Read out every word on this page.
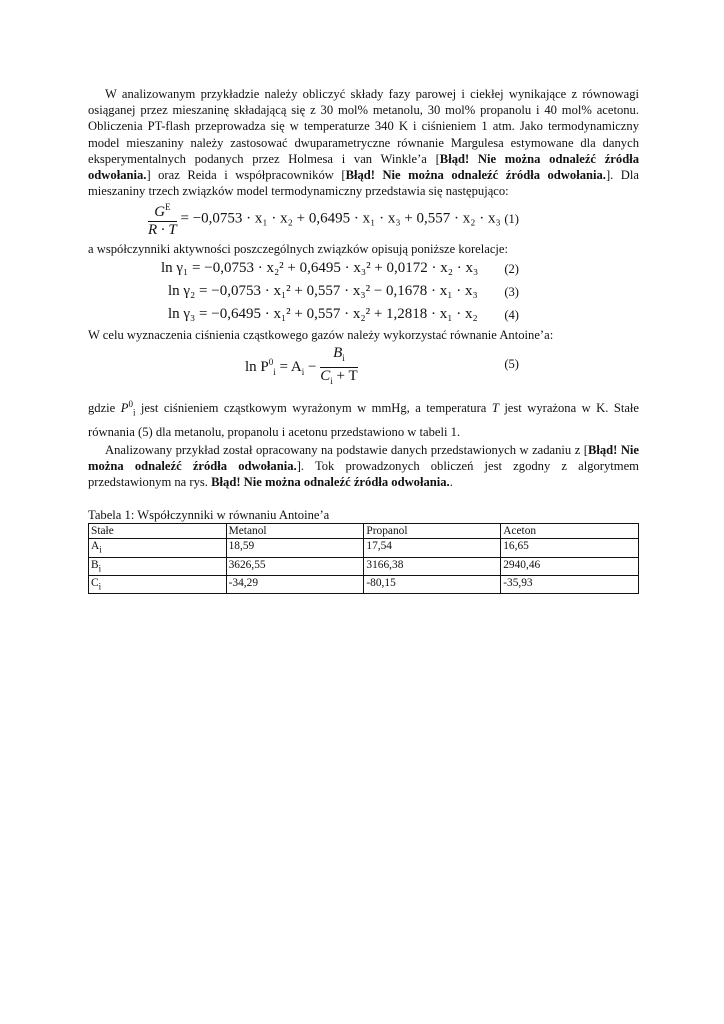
W analizowanym przykładzie należy obliczyć składy fazy parowej i ciekłej wynikające z równowagi osiąganej przez mieszaninę składającą się z 30 mol% metanolu, 30 mol% propanolu i 40 mol% acetonu. Obliczenia PT-flash przeprowadza się w temperaturze 340 K i ciśnieniem 1 atm. Jako termodynamiczny model mieszaniny należy zastosować dwuparametryczne równanie Margulesa estymowane dla danych eksperymentalnych podanych przez Holmesa i van Winkle’a [Błąd! Nie można odnaleźć źródła odwołania.] oraz Reida i współpracowników [Błąd! Nie można odnaleźć źródła odwołania.]. Dla mieszaniny trzech związków model termodynamiczny przedstawia się następująco:

$\frac{G^E}{R \cdot T} = -0,0753 \cdot x_1 \cdot x_2 + 0,6495 \cdot x_1 \cdot x_3 + 0,557 \cdot x_2 \cdot x_3$ (1)

a współczynniki aktywności poszczególnych związków opisują poniższe korelacje:

ln γ₁ = −0,0753 · x₂² + 0,6495 · x₃² + 0,0172 · x₂ · x₃ (2)
ln γ₂ = −0,0753 · x₁² + 0,557 · x₃² − 0,1678 · x₁ · x₃ (3)
ln γ₃ = −0,6495 · x₁² + 0,557 · x₂² + 1,2818 · x₁ · x₂ (4)

W celu wyznaczenia ciśnienia cząstkowego gazów należy wykorzystać równanie Antoine’a:

$\ln P^0_i = A_i - \frac{B_i}{C_i + T}$	(5)

gdzie $P^0_i$ jest ciśnieniem cząstkowym wyrażonym w mmHg, a temperatura T jest wyrażona w K. Stałe równania (5) dla metanolu, propanolu i acetonu przedstawiono w tabeli 1.

Analizowany przykład został opracowany na podstawie danych przedstawionych w zadaniu z [Błąd! Nie można odnaleźć źródła odwołania.]. Tok prowadzonych obliczeń jest zgodny z algorytmem przedstawionym na rys. Błąd! Nie można odnaleźć źródła odwołania..

Tabela 1: Współczynniki w równaniu Antoine’a

Stałe	Metanol	Propanol	Aceton
$A_i$	18,59	17,54	16,65
$B_i$	3626,55	3166,38	2940,46
$C_i$	-34,29	-80,15	-35,93
